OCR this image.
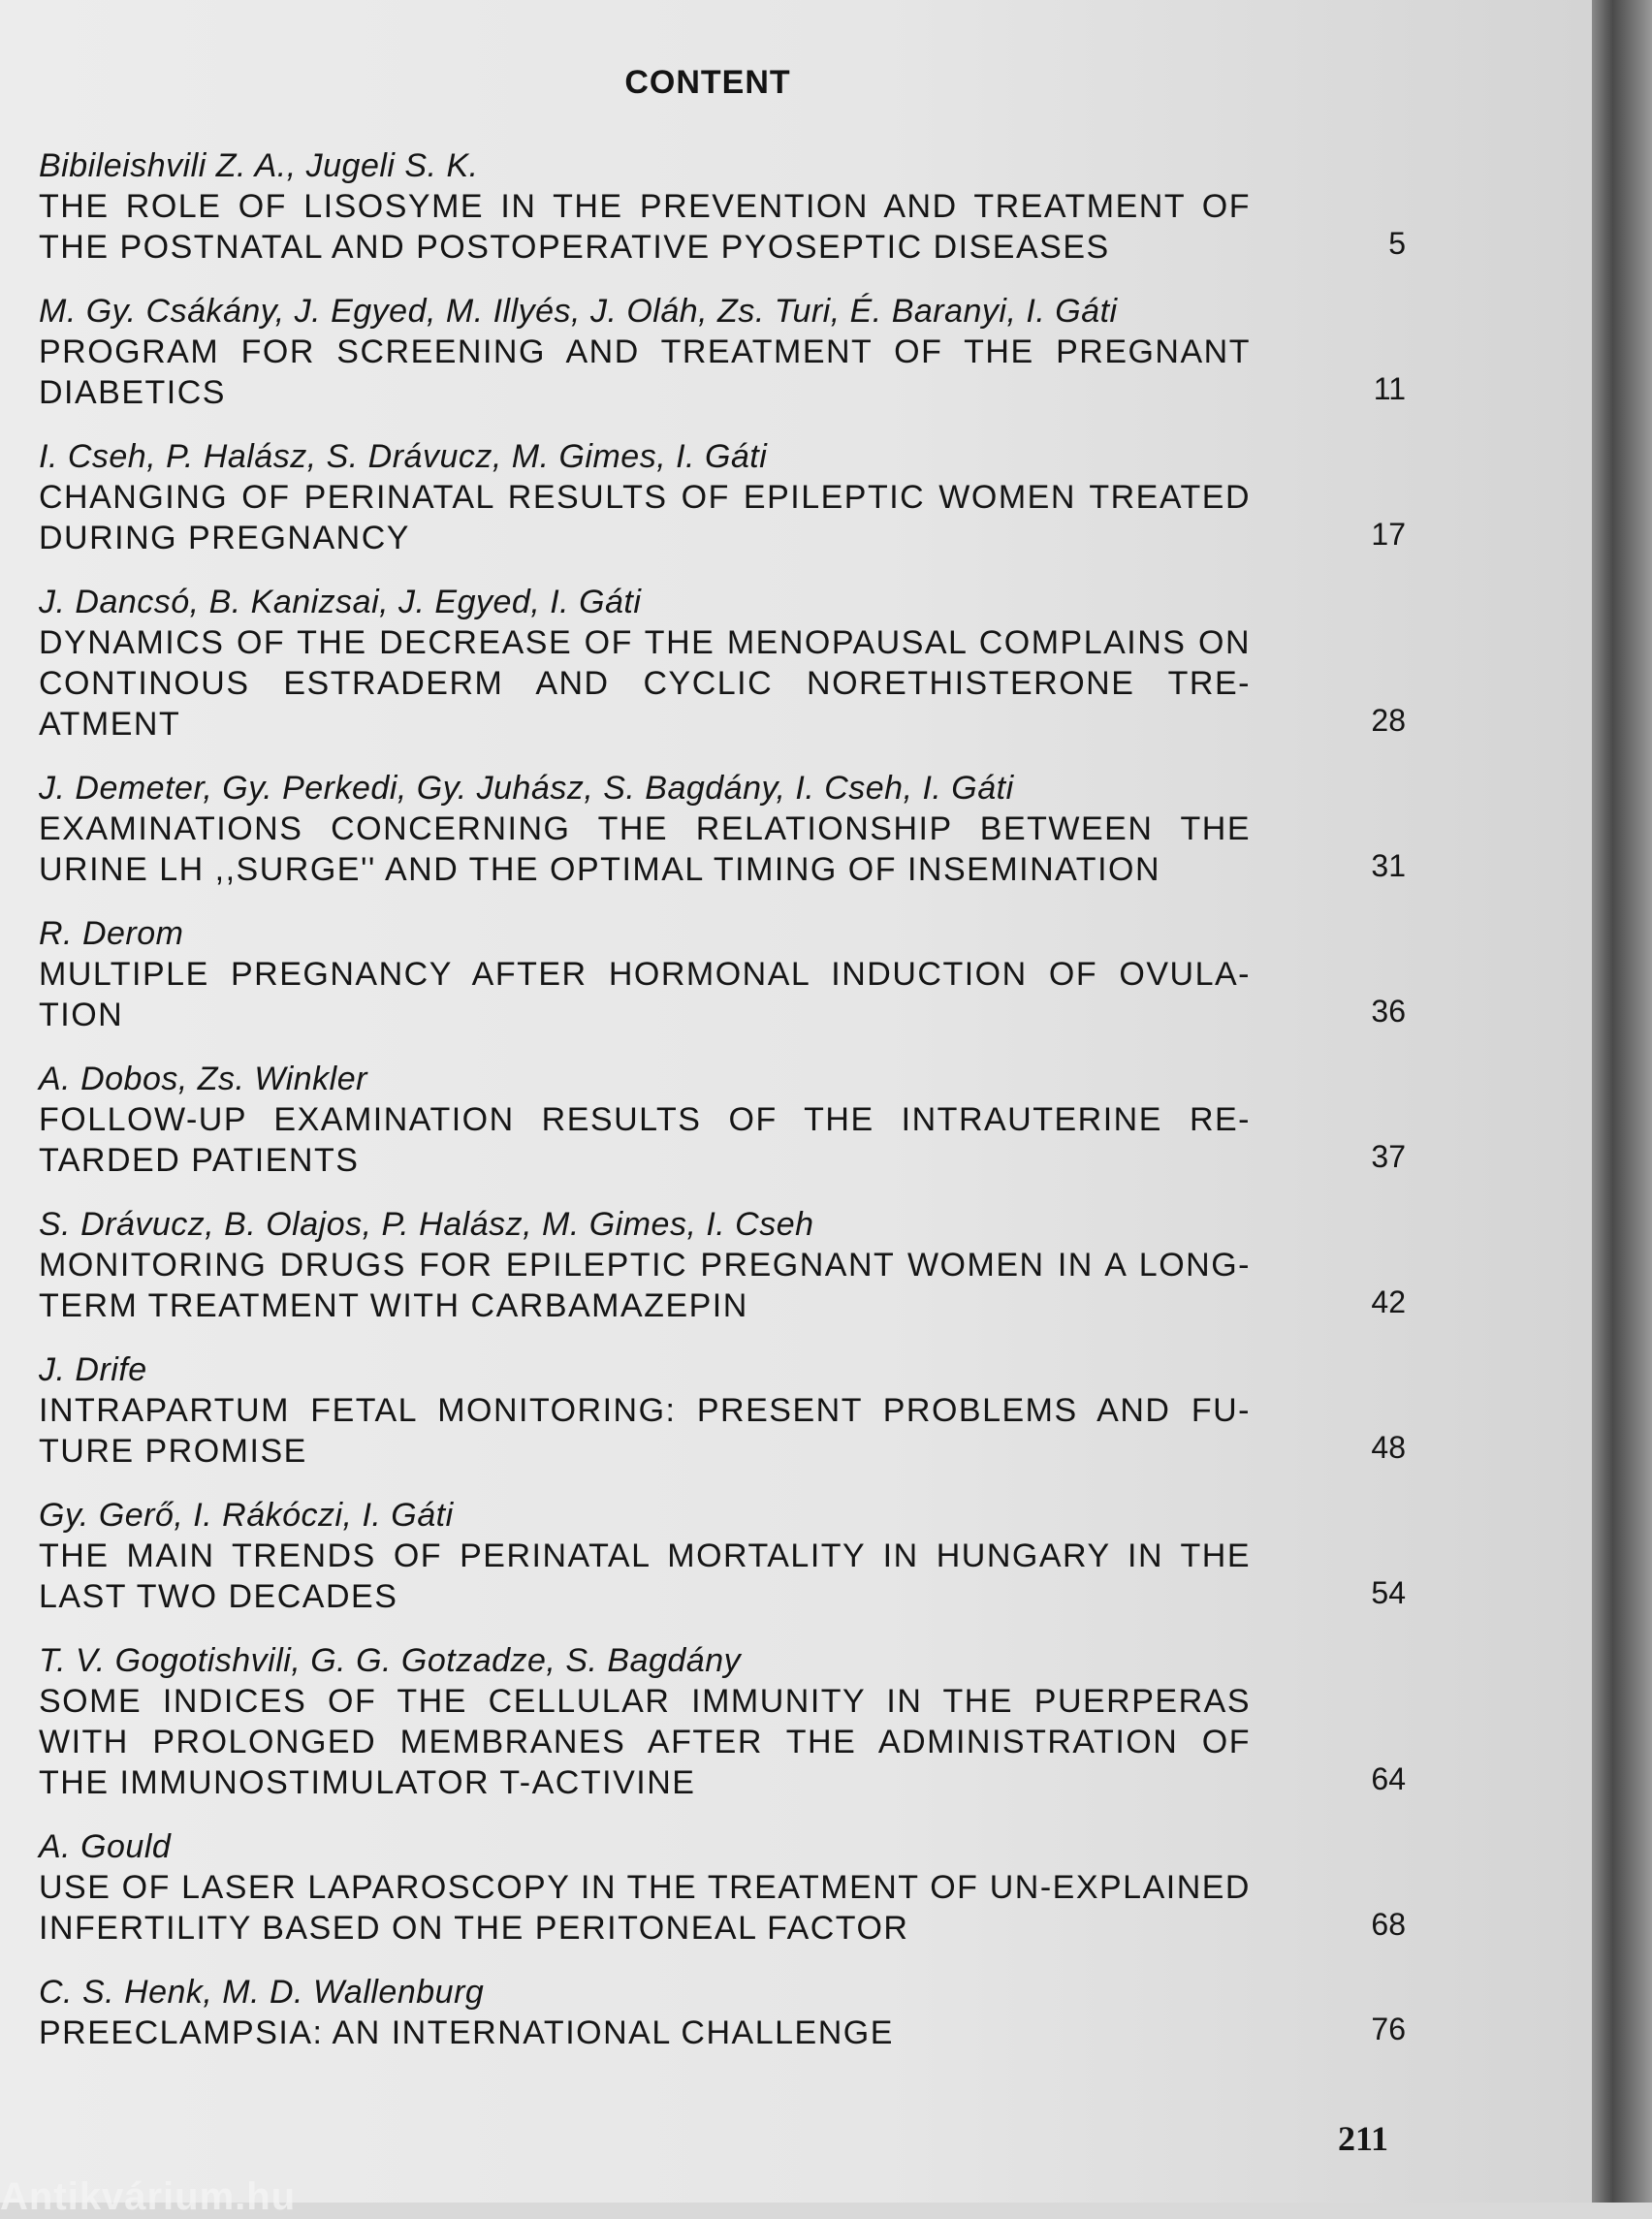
CONTENT
Bibileishvili Z. A., Jugeli S. K.
THE ROLE OF LISOSYME IN THE PREVENTION AND TREATMENT OF THE POSTNATAL AND POSTOPERATIVE PYOSEPTIC DISEASES	5
M. Gy. Csákány, J. Egyed, M. Illyés, J. Oláh, Zs. Turi, É. Baranyi, I. Gáti
PROGRAM FOR SCREENING AND TREATMENT OF THE PREGNANT DIABETICS	11
I. Cseh, P. Halász, S. Drávucz, M. Gimes, I. Gáti
CHANGING OF PERINATAL RESULTS OF EPILEPTIC WOMEN TREATED DURING PREGNANCY	17
J. Dancsó, B. Kanizsai, J. Egyed, I. Gáti
DYNAMICS OF THE DECREASE OF THE MENOPAUSAL COMPLAINS ON CONTINOUS ESTRADERM AND CYCLIC NORETHISTERONE TRE-ATMENT	28
J. Demeter, Gy. Perkedi, Gy. Juhász, S. Bagdány, I. Cseh, I. Gáti
EXAMINATIONS CONCERNING THE RELATIONSHIP BETWEEN THE URINE LH ,,SURGE'' AND THE OPTIMAL TIMING OF INSEMINATION	31
R. Derom
MULTIPLE PREGNANCY AFTER HORMONAL INDUCTION OF OVULA-TION	36
A. Dobos, Zs. Winkler
FOLLOW-UP EXAMINATION RESULTS OF THE INTRAUTERINE RE-TARDED PATIENTS	37
S. Drávucz, B. Olajos, P. Halász, M. Gimes, I. Cseh
MONITORING DRUGS FOR EPILEPTIC PREGNANT WOMEN IN A LONG-TERM TREATMENT WITH CARBAMAZEPIN	42
J. Drife
INTRAPARTUM FETAL MONITORING: PRESENT PROBLEMS AND FU-TURE PROMISE	48
Gy. Gerő, I. Rákóczi, I. Gáti
THE MAIN TRENDS OF PERINATAL MORTALITY IN HUNGARY IN THE LAST TWO DECADES	54
T. V. Gogotishvili, G. G. Gotzadze, S. Bagdány
SOME INDICES OF THE CELLULAR IMMUNITY IN THE PUERPERAS WITH PROLONGED MEMBRANES AFTER THE ADMINISTRATION OF THE IMMUNOSTIMULATOR T-ACTIVINE	64
A. Gould
USE OF LASER LAPAROSCOPY IN THE TREATMENT OF UN-EXPLAINED INFERTILITY BASED ON THE PERITONEAL FACTOR	68
C. S. Henk, M. D. Wallenburg
PREECLAMPSIA: AN INTERNATIONAL CHALLENGE	76
211
Antikvárium.hu
